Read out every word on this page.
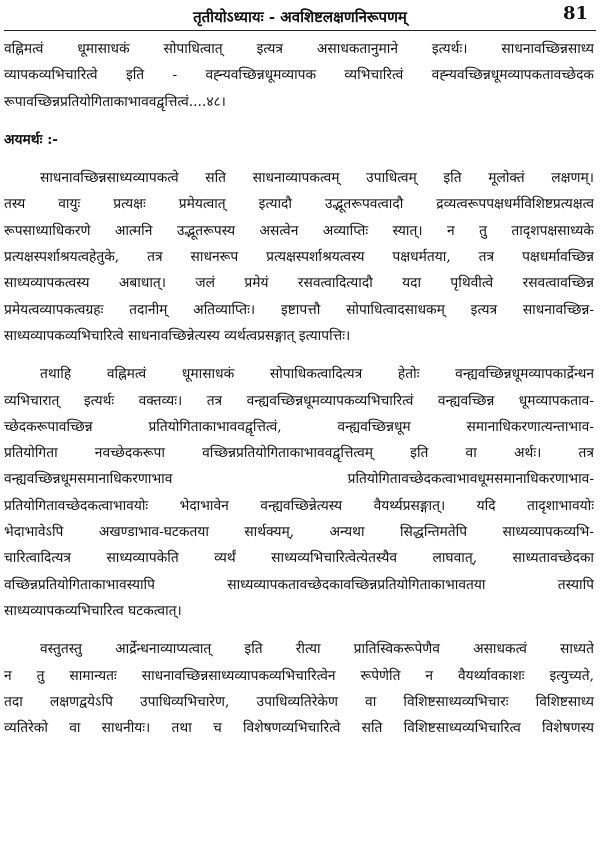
तृतीयोऽध्यायः - अवशिष्टलक्षणनिरूपणम्	81
वह्निमत्वं धूमासाधकं सोपाधित्वात् इत्यत्र असाधकतानुमाने इत्यर्थः। साधनावच्छिन्नसाध्य
व्यापकव्यभिचारित्वे इति - वह्न्यवच्छिन्नधूमव्यापक व्यभिचारित्वं वह्न्यवच्छिन्नधूमव्यापकतावच्छेदक
रूपावच्छिन्नप्रतियोगिताकाभाववद्वृत्तित्वं....४८।
अयमर्थः :-
साधनावच्छिन्नसाध्यव्यापकत्वे सति साधनाव्यापकत्वम् उपाधित्वम् इति मूलोक्तं लक्षणम्।
तस्य वायुः प्रत्यक्षः प्रमेयत्वात् इत्यादौ उद्भूतरूपवत्वादौ द्रव्यत्वरूपपक्षधर्मविशिष्टप्रत्यक्षत्व
रूपसाध्याधिकरणे आत्मनि उद्भूतरूपस्य असत्वेन अव्याप्तिः स्यात्। न तु तादृशपक्षसाध्यके
प्रत्यक्षस्पर्शाश्रयत्वहेतुके, तत्र साधनरूप प्रत्यक्षस्पर्शाश्रयत्वस्य पक्षधर्मतया, तत्र पक्षधर्मावच्छिन्न
साध्यव्यापकत्वस्य अबाधात्। जलं प्रमेयं रसवत्वादित्यादौ यदा पृथिवीत्वे रसवत्वावच्छिन्न
प्रमेयत्वव्यापकत्वग्रहः तदानीम् अतिव्याप्तिः। इष्टापत्तौ सोपाधित्वादसाधकम् इत्यत्र साधनावच्छिन्न-
साध्यव्यापकव्यभिचारित्वे साधनावच्छिन्नेत्यस्य व्यर्थत्वप्रसङ्गात् इत्यापत्तिः।
तथाहि वह्निमत्वं धूमासाधकं सोपाधिकत्वादित्यत्र हेतोः वन्ह्यवच्छिन्नधूमव्यापकार्द्रेन्धन
व्यभिचारात् इत्यर्थः वक्तव्यः। तत्र वन्ह्यवच्छिन्नधूमव्यापकव्यभिचारित्वं वन्ह्यवच्छिन्न धूमव्यापकताव-
च्छेदकरूपावच्छिन्न प्रतियोगिताकाभाववद्वृत्तित्वं, वन्ह्यवच्छिन्नधूम समानाधिकरणात्यन्ताभाव-
प्रतियोगिता नवच्छेदकरूपा वच्छिन्नप्रतियोगिताकाभाववद्वृत्तित्वम् इति वा अर्थः। तत्र
वन्ह्यवच्छिन्नधूमसमानाधिकरणाभाव प्रतियोगितावच्छेदकत्वाभावधूमसमानाधिकरणाभाव-
प्रतियोगितावच्छेदकत्वाभावयोः भेदाभावेन वन्ह्यवच्छिन्नेत्यस्य वैयर्थ्यप्रसङ्गात्। यदि तादृशाभावयोः
भेदाभावेऽपि अखण्डाभाव-घटकतया सार्थक्यम्, अन्यथा सिद्धन्तिमतेपि साध्यव्यापकव्यभि-
चारित्वादित्यत्र साध्यव्यापकेति व्यर्थं साध्यव्यभिचारित्वेत्येतस्यैव लाघवात्, साध्यतावच्छेदका
वच्छिन्नप्रतियोगिताकाभावस्यापि साध्यव्यापकतावच्छेदकावच्छिन्नप्रतियोगिताकाभावतया तस्यापि
साध्यव्यापकव्यभिचारित्व घटकत्वात्।
वस्तुतस्तु आर्द्रेन्धनाव्याप्यत्वात् इति रीत्या प्रातिस्विकरूपेणैव असाधकत्वं साध्यते
न तु सामान्यतः साधनावच्छिन्नसाध्यव्यापकव्यभिचारित्वेन रूपेणेति न वैयर्थ्यावकाशः इत्युच्यते,
तदा लक्षणद्वयेऽपि उपाधिव्यभिचारेण, उपाधिव्यतिरेकेण वा विशिष्टसाध्यव्यभिचारः विशिष्टसाध्य
व्यतिरेको वा साधनीयः। तथा च विशेषणव्यभिचारित्वे सति विशिष्टसाध्यव्यभिचारित्व विशेषणस्य
